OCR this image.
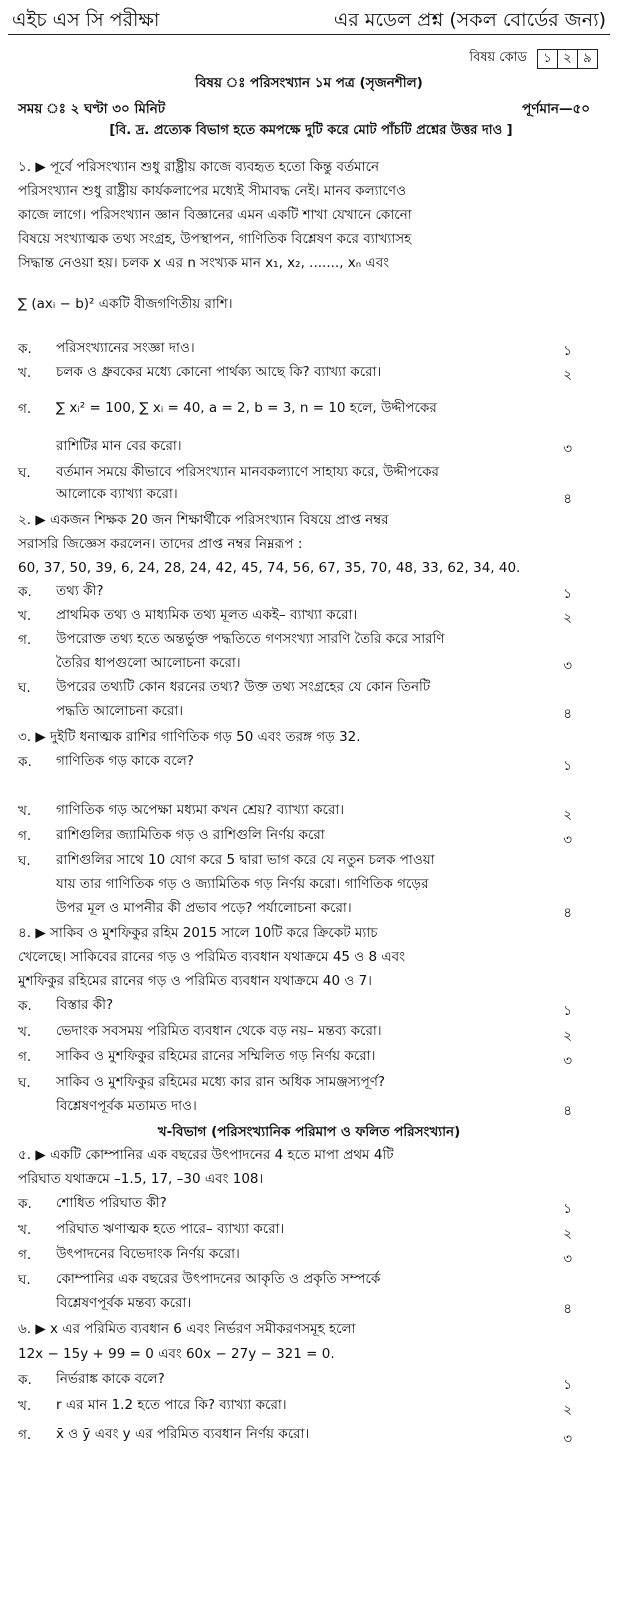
এইচ এস সি পরীক্ষা	এর মডেল প্রশ্ন (সকল বোর্ডের জন্য)
বিষয় কোড	১ ২ ৯
বিষয় ঃ পরিসংখ্যান ১ম পত্র (সৃজনশীল)
সময় ঃ ২ ঘণ্টা ৩০ মিনিট	পূর্ণমান—৫০
[বি. দ্র. প্রত্যেক বিভাগ হতে কমপক্ষে দুটি করে মোট পাঁচটি প্রশ্নের উত্তর দাও ]
১. ▶ পূর্বে পরিসংখ্যান শুধু রাষ্ট্রীয় কাজে ব্যবহৃত হতো কিন্তু বর্তমানে
পরিসংখ্যান শুধু রাষ্ট্রীয় কার্যকলাপের মধ্যেই সীমাবদ্ধ নেই। মানব কল্যাণেও
কাজে লাগে। পরিসংখ্যান জ্ঞান বিজ্ঞানের এমন একটি শাখা যেখানে কোনো
বিষয়ে সংখ্যাত্মক তথ্য সংগ্রহ, উপস্থাপন, গাণিতিক বিশ্লেষণ করে ব্যাখ্যাসহ
সিদ্ধান্ত নেওয়া হয়। চলক x এর n সংখ্যক মান x₁, x₂, ......., xₙ এবং
∑ (axᵢ − b)² একটি বীজগণিতীয় রাশি।
ক. পরিসংখ্যানের সংজ্ঞা দাও।	১
খ. চলক ও ধ্রুবকের মধ্যে কোনো পার্থক্য আছে কি? ব্যাখ্যা করো।	২
গ. ∑ xᵢ² = 100, ∑ xᵢ = 40, a = 2, b = 3, n = 10 হলে, উদ্দীপকের
রাশিটির মান বের করো।	৩
ঘ. বর্তমান সময়ে কীভাবে পরিসংখ্যান মানবকল্যাণে সাহায্য করে, উদ্দীপকের
আলোকে ব্যাখ্যা করো।	৪
২. ▶ একজন শিক্ষক 20 জন শিক্ষার্থীকে পরিসংখ্যান বিষয়ে প্রাপ্ত নম্বর
সরাসরি জিজ্ঞেস করলেন। তাদের প্রাপ্ত নম্বর নিম্নরূপ :
60, 37, 50, 39, 6, 24, 28, 24, 42, 45, 74, 56, 67, 35, 70, 48, 33, 62, 34, 40.
ক. তথ্য কী?	১
খ. প্রাথমিক তথ্য ও মাধ্যমিক তথ্য মূলত একই– ব্যাখ্যা করো।	২
গ. উপরোক্ত তথ্য হতে অন্তর্ভুক্ত পদ্ধতিতে গণসংখ্যা সারণি তৈরি করে সারণি
তৈরির ধাপগুলো আলোচনা করো।	৩
ঘ. উপরের তথ্যটি কোন ধরনের তথ্য? উক্ত তথ্য সংগ্রহের যে কোন তিনটি
পদ্ধতি আলোচনা করো।	৪
৩. ▶ দুইটি ধনাত্মক রাশির গাণিতিক গড় 50 এবং তরঙ্গ গড় 32.
ক. গাণিতিক গড় কাকে বলে?	১
খ. গাণিতিক গড় অপেক্ষা মধ্যমা কখন শ্রেয়? ব্যাখ্যা করো।	২
গ. রাশিগুলির জ্যামিতিক গড় ও রাশিগুলি নির্ণয় করো	৩
ঘ. রাশিগুলির সাথে 10 যোগ করে 5 দ্বারা ভাগ করে যে নতুন চলক পাওয়া
যায় তার গাণিতিক গড় ও জ্যামিতিক গড় নির্ণয় করো। গাণিতিক গড়ের
উপর মূল ও মাপনীর কী প্রভাব পড়ে? পর্যালোচনা করো।	৪
৪. ▶ সাকিব ও মুশফিকুর রহিম 2015 সালে 10টি করে ক্রিকেট ম্যাচ
খেলেছে। সাকিবের রানের গড় ও পরিমিত ব্যবধান যথাক্রমে 45 ও 8 এবং
মুশফিকুর রহিমের রানের গড় ও পরিমিত ব্যবধান যথাক্রমে 40 ও 7।
ক. বিস্তার কী?	১
খ. ভেদাংক সবসময় পরিমিত ব্যবধান থেকে বড় নয়– মন্তব্য করো।	২
গ. সাকিব ও মুশফিকুর রহিমের রানের সম্মিলিত গড় নির্ণয় করো।	৩
ঘ. সাকিব ও মুশফিকুর রহিমের মধ্যে কার রান অধিক সামঞ্জস্যপূর্ণ?
বিশ্লেষণপূর্বক মতামত দাও।	৪
খ-বিভাগ (পরিসংখ্যানিক পরিমাপ ও ফলিত পরিসংখ্যান)
৫. ▶ একটি কোম্পানির এক বছরের উৎপাদনের 4 হতে মাপা প্রথম 4টি
পরিঘাত যথাক্রমে –1.5, 17, –30 এবং 108।
ক. শোধিত পরিঘাত কী?	১
খ. পরিঘাত ঋণাত্মক হতে পারে– ব্যাখ্যা করো।	২
গ. উৎপাদনের বিভেদাংক নির্ণয় করো।	৩
ঘ. কোম্পানির এক বছরের উৎপাদনের আকৃতি ও প্রকৃতি সম্পর্কে
বিশ্লেষণপূর্বক মন্তব্য করো।	৪
৬. ▶ x এর পরিমিত ব্যবধান 6 এবং নির্ভরণ সমীকরণসমূহ হলো
12x − 15y + 99 = 0 এবং 60x − 27y − 321 = 0.
ক. নির্ভরাঙ্ক কাকে বলে?	১
খ. r এর মান 1.2 হতে পারে কি? ব্যাখ্যা করো।	২
গ. x̄ ও ȳ এবং y এর পরিমিত ব্যবধান নির্ণয় করো।	৩
